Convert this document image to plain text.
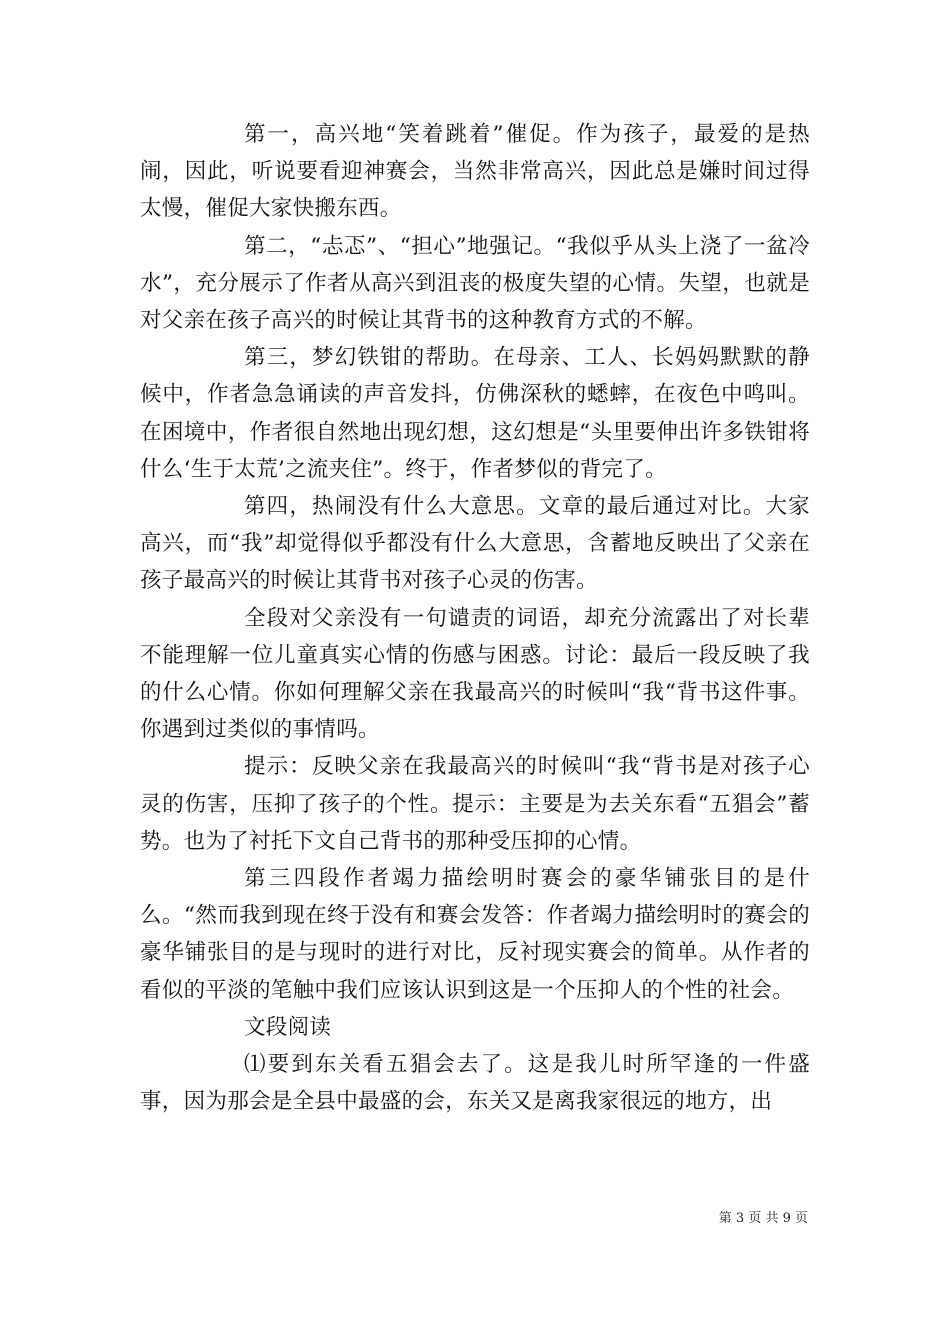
第一，高兴地“笑着跳着”催促。作为孩子，最爱的是热闹，因此，听说要看迎神赛会，当然非常高兴，因此总是嫌时间过得太慢，催促大家快搬东西。

第二，“忐忑”、“担心”地强记。“我似乎从头上浇了一盆冷水”，充分展示了作者从高兴到沮丧的极度失望的心情。失望，也就是对父亲在孩子高兴的时候让其背书的这种教育方式的不解。

第三，梦幻铁钳的帮助。在母亲、工人、长妈妈默默的静候中，作者急急诵读的声音发抖，仿佛深秋的蟋蟀，在夜色中鸣叫。在困境中，作者很自然地出现幻想，这幻想是“头里要伸出许多铁钳将什么‘生于太荒’之流夹住”。终于，作者梦似的背完了。

第四，热闹没有什么大意思。文章的最后通过对比。大家高兴，而“我”却觉得似乎都没有什么大意思，含蓄地反映出了父亲在孩子最高兴的时候让其背书对孩子心灵的伤害。

全段对父亲没有一句谴责的词语，却充分流露出了对长辈不能理解一位儿童真实心情的伤感与困惑。讨论：最后一段反映了我的什么心情。你如何理解父亲在我最高兴的时候叫“我“背书这件事。你遇到过类似的事情吗。

提示：反映父亲在我最高兴的时候叫“我“背书是对孩子心灵的伤害，压抑了孩子的个性。提示：主要是为去关东看“五猖会”蓄势。也为了衬托下文自己背书的那种受压抑的心情。

第三四段作者竭力描绘明时赛会的豪华铺张目的是什么。“然而我到现在终于没有和赛会发答：作者竭力描绘明时的赛会的豪华铺张目的是与现时的进行对比，反衬现实赛会的简单。从作者的看似的平淡的笔触中我们应该认识到这是一个压抑人的个性的社会。

文段阅读

⑴要到东关看五猖会去了。这是我儿时所罕逢的一件盛事，因为那会是全县中最盛的会，东关又是离我家很远的地方，出

第 3 页 共 9 页
